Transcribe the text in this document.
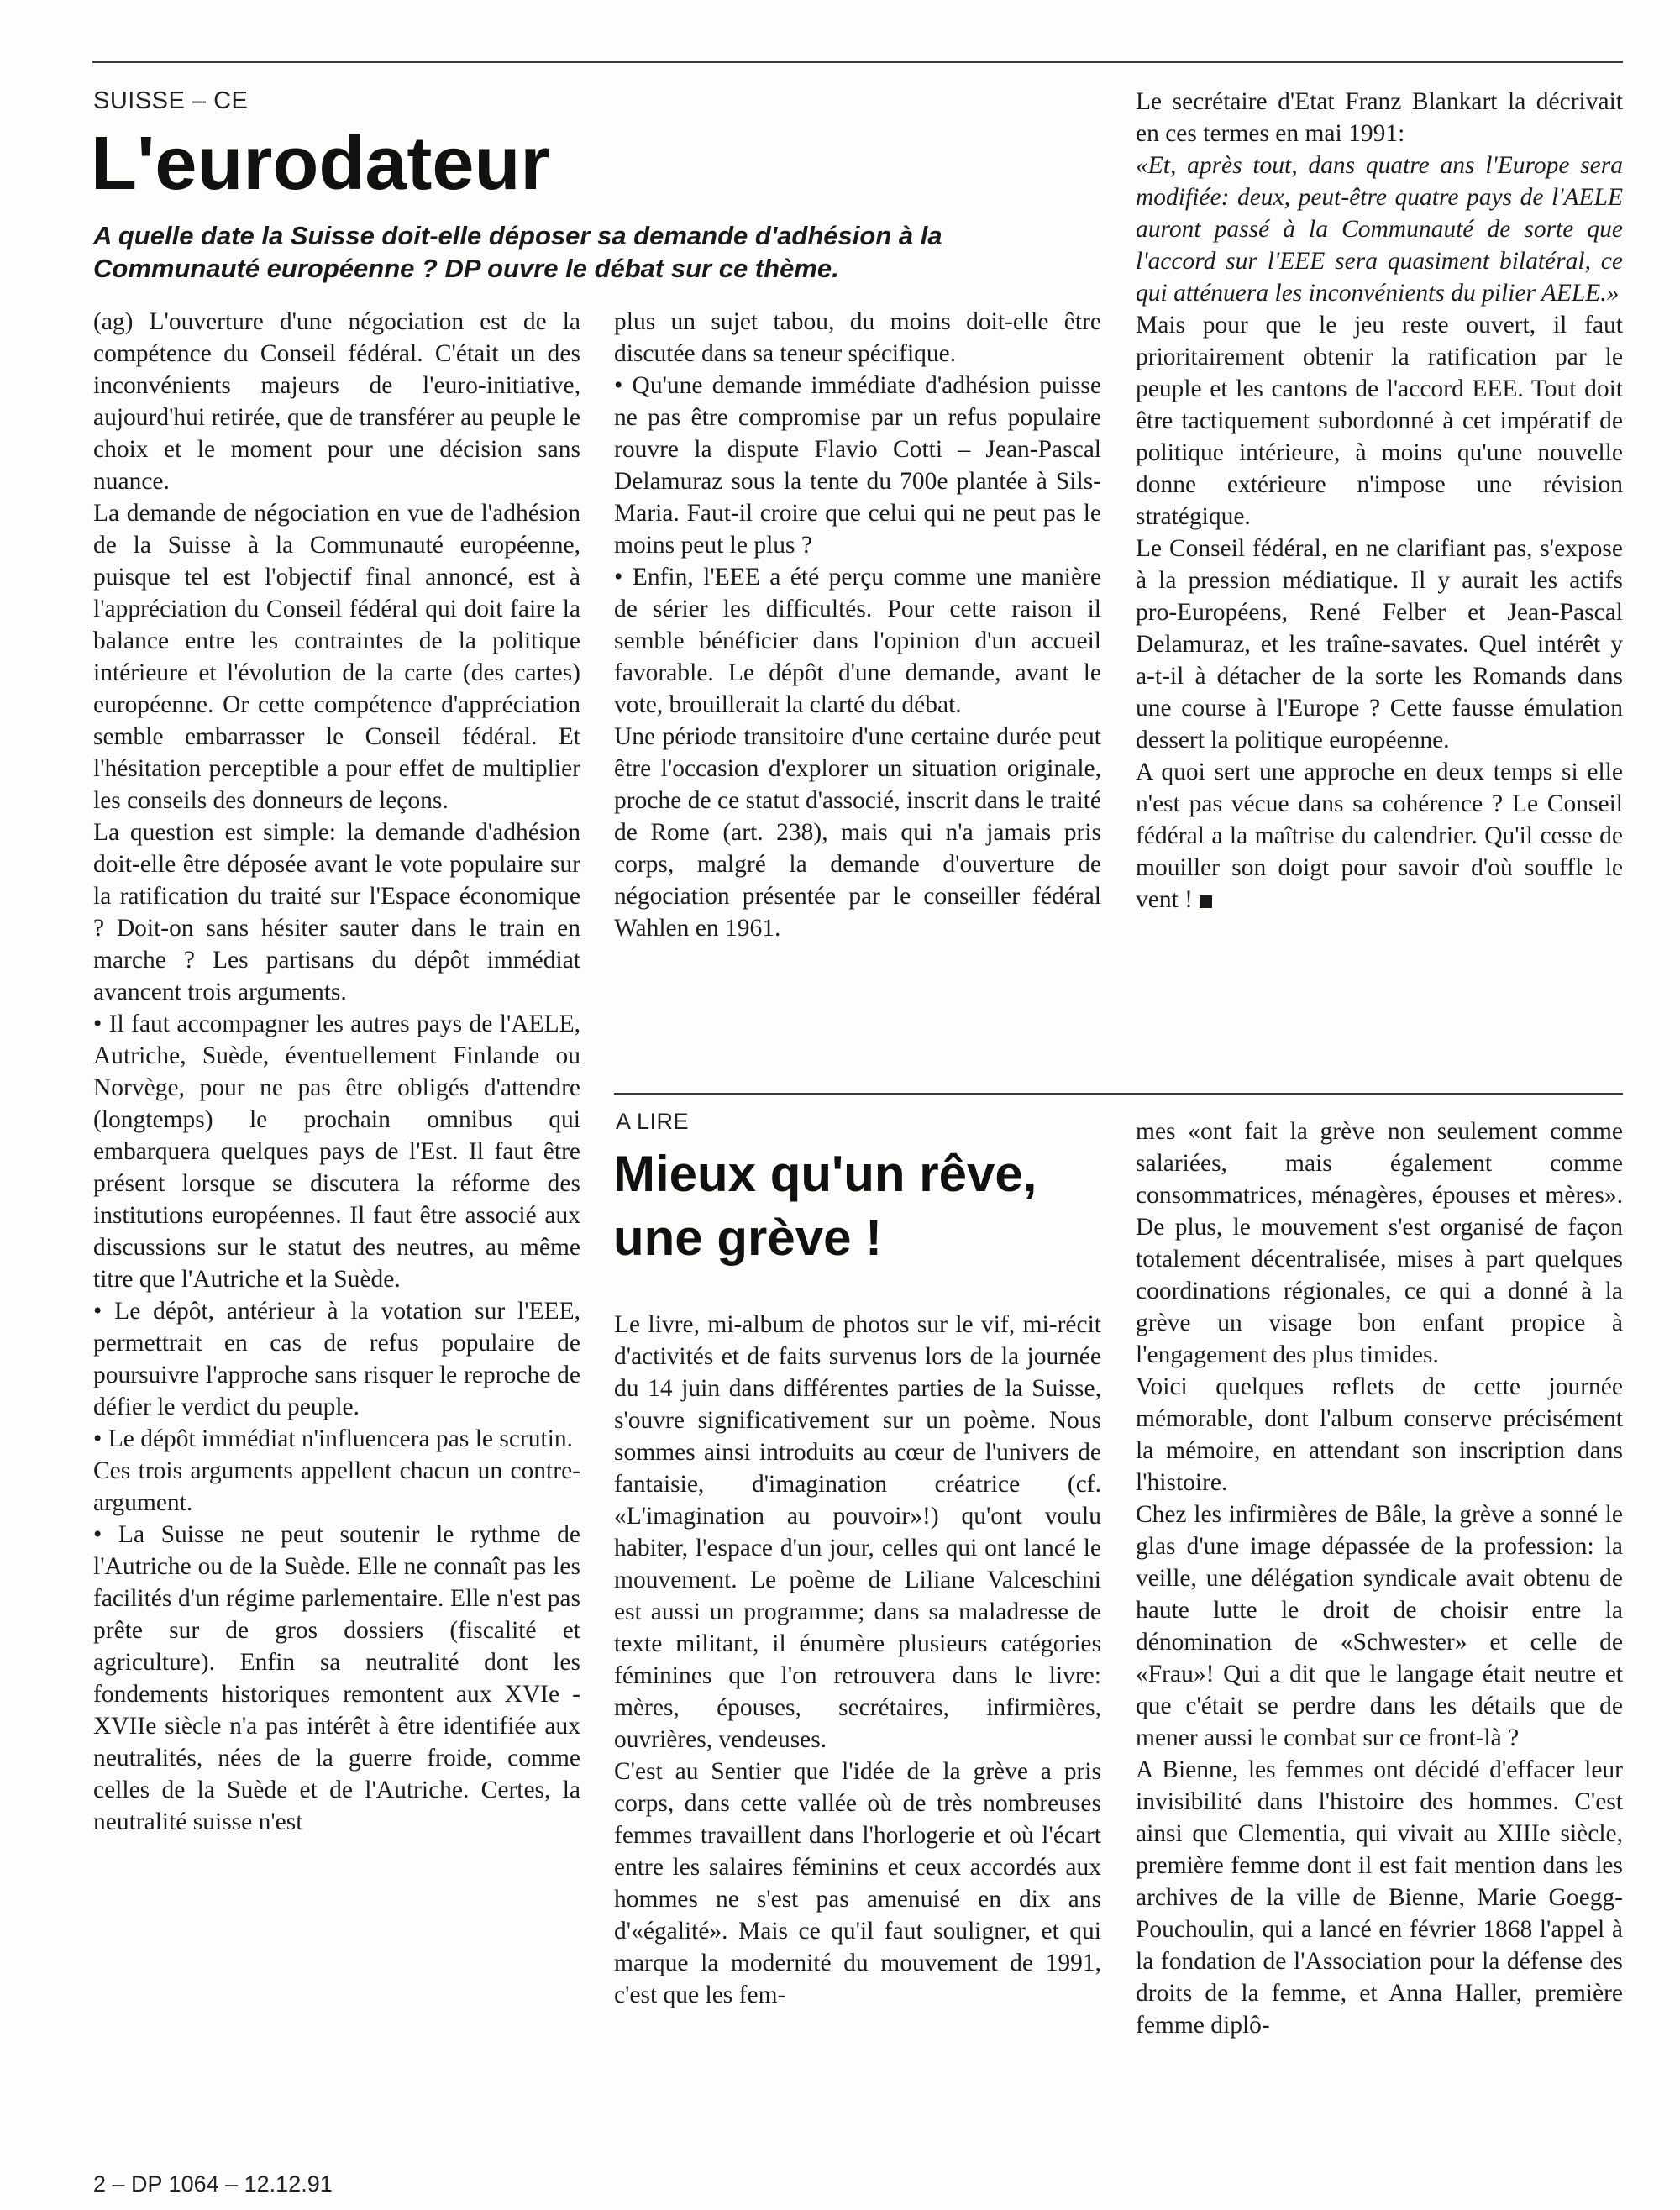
SUISSE – CE
L'eurodateur

A quelle date la Suisse doit-elle déposer sa demande d'adhésion à la Communauté européenne ? DP ouvre le débat sur ce thème.

(ag) L'ouverture d'une négociation est de la compétence du Conseil fédéral. C'était un des inconvénients majeurs de l'euro-initiative, aujourd'hui retirée, que de transférer au peuple le choix et le moment pour une décision sans nuance.

La demande de négociation en vue de l'adhésion de la Suisse à la Communauté européenne, puisque tel est l'objectif final annoncé, est à l'appréciation du Conseil fédéral qui doit faire la balance entre les contraintes de la politique intérieure et l'évolution de la carte (des cartes) européenne. Or cette compétence d'appréciation semble embarrasser le Conseil fédéral. Et l'hésitation perceptible a pour effet de multiplier les conseils des donneurs de leçons.

La question est simple: la demande d'adhésion doit-elle être déposée avant le vote populaire sur la ratification du traité sur l'Espace économique ? Doit-on sans hésiter sauter dans le train en marche ? Les partisans du dépôt immédiat avancent trois arguments.

• Il faut accompagner les autres pays de l'AELE, Autriche, Suède, éventuellement Finlande ou Norvège, pour ne pas être obligés d'attendre (longtemps) le prochain omnibus qui embarquera quelques pays de l'Est. Il faut être présent lorsque se discutera la réforme des institutions européennes. Il faut être associé aux discussions sur le statut des neutres, au même titre que l'Autriche et la Suède.

• Le dépôt, antérieur à la votation sur l'EEE, permettrait en cas de refus populaire de poursuivre l'approche sans risquer le reproche de défier le verdict du peuple.

• Le dépôt immédiat n'influencera pas le scrutin.

Ces trois arguments appellent chacun un contre-argument.

• La Suisse ne peut soutenir le rythme de l'Autriche ou de la Suède. Elle ne connaît pas les facilités d'un régime parlementaire. Elle n'est pas prête sur de gros dossiers (fiscalité et agriculture). Enfin sa neutralité dont les fondements historiques remontent aux XVIe - XVIIe siècle n'a pas intérêt à être identifiée aux neutralités, nées de la guerre froide, comme celles de la Suède et de l'Autriche. Certes, la neutralité suisse n'est

plus un sujet tabou, du moins doit-elle être discutée dans sa teneur spécifique.

• Qu'une demande immédiate d'adhésion puisse ne pas être compromise par un refus populaire rouvre la dispute Flavio Cotti – Jean-Pascal Delamuraz sous la tente du 700e plantée à Sils-Maria. Faut-il croire que celui qui ne peut pas le moins peut le plus ?

• Enfin, l'EEE a été perçu comme une manière de sérier les difficultés. Pour cette raison il semble bénéficier dans l'opinion d'un accueil favorable. Le dépôt d'une demande, avant le vote, brouillerait la clarté du débat.

Une période transitoire d'une certaine durée peut être l'occasion d'explorer un situation originale, proche de ce statut d'associé, inscrit dans le traité de Rome (art. 238), mais qui n'a jamais pris corps, malgré la demande d'ouverture de négociation présentée par le conseiller fédéral Wahlen en 1961.

Le secrétaire d'Etat Franz Blankart la décrivait en ces termes en mai 1991:

«Et, après tout, dans quatre ans l'Europe sera modifiée: deux, peut-être quatre pays de l'AELE auront passé à la Communauté de sorte que l'accord sur l'EEE sera quasiment bilatéral, ce qui atténuera les inconvénients du pilier AELE.»

Mais pour que le jeu reste ouvert, il faut prioritairement obtenir la ratification par le peuple et les cantons de l'accord EEE. Tout doit être tactiquement subordonné à cet impératif de politique intérieure, à moins qu'une nouvelle donne extérieure n'impose une révision stratégique.

Le Conseil fédéral, en ne clarifiant pas, s'expose à la pression médiatique. Il y aurait les actifs pro-Européens, René Felber et Jean-Pascal Delamuraz, et les traîne-savates. Quel intérêt y a-t-il à détacher de la sorte les Romands dans une course à l'Europe ? Cette fausse émulation dessert la politique européenne.

A quoi sert une approche en deux temps si elle n'est pas vécue dans sa cohérence ? Le Conseil fédéral a la maîtrise du calendrier. Qu'il cesse de mouiller son doigt pour savoir d'où souffle le vent !

A LIRE
Mieux qu'un rêve,
une grève !

Le livre, mi-album de photos sur le vif, mi-récit d'activités et de faits survenus lors de la journée du 14 juin dans différentes parties de la Suisse, s'ouvre significativement sur un poème. Nous sommes ainsi introduits au cœur de l'univers de fantaisie, d'imagination créatrice (cf. «L'imagination au pouvoir»!) qu'ont voulu habiter, l'espace d'un jour, celles qui ont lancé le mouvement. Le poème de Liliane Valceschini est aussi un programme; dans sa maladresse de texte militant, il énumère plusieurs catégories féminines que l'on retrouvera dans le livre: mères, épouses, secrétaires, infirmières, ouvrières, vendeuses.

C'est au Sentier que l'idée de la grève a pris corps, dans cette vallée où de très nombreuses femmes travaillent dans l'horlogerie et où l'écart entre les salaires féminins et ceux accordés aux hommes ne s'est pas amenuisé en dix ans d'«égalité». Mais ce qu'il faut souligner, et qui marque la modernité du mouvement de 1991, c'est que les fem-

mes «ont fait la grève non seulement comme salariées, mais également comme consommatrices, ménagères, épouses et mères». De plus, le mouvement s'est organisé de façon totalement décentralisée, mises à part quelques coordinations régionales, ce qui a donné à la grève un visage bon enfant propice à l'engagement des plus timides.

Voici quelques reflets de cette journée mémorable, dont l'album conserve précisément la mémoire, en attendant son inscription dans l'histoire.

Chez les infirmières de Bâle, la grève a sonné le glas d'une image dépassée de la profession: la veille, une délégation syndicale avait obtenu de haute lutte le droit de choisir entre la dénomination de «Schwester» et celle de «Frau»! Qui a dit que le langage était neutre et que c'était se perdre dans les détails que de mener aussi le combat sur ce front-là ?

A Bienne, les femmes ont décidé d'effacer leur invisibilité dans l'histoire des hommes. C'est ainsi que Clementia, qui vivait au XIIIe siècle, première femme dont il est fait mention dans les archives de la ville de Bienne, Marie Goegg-Pouchoulin, qui a lancé en février 1868 l'appel à la fondation de l'Association pour la défense des droits de la femme, et Anna Haller, première femme diplô-

2 – DP 1064 – 12.12.91
